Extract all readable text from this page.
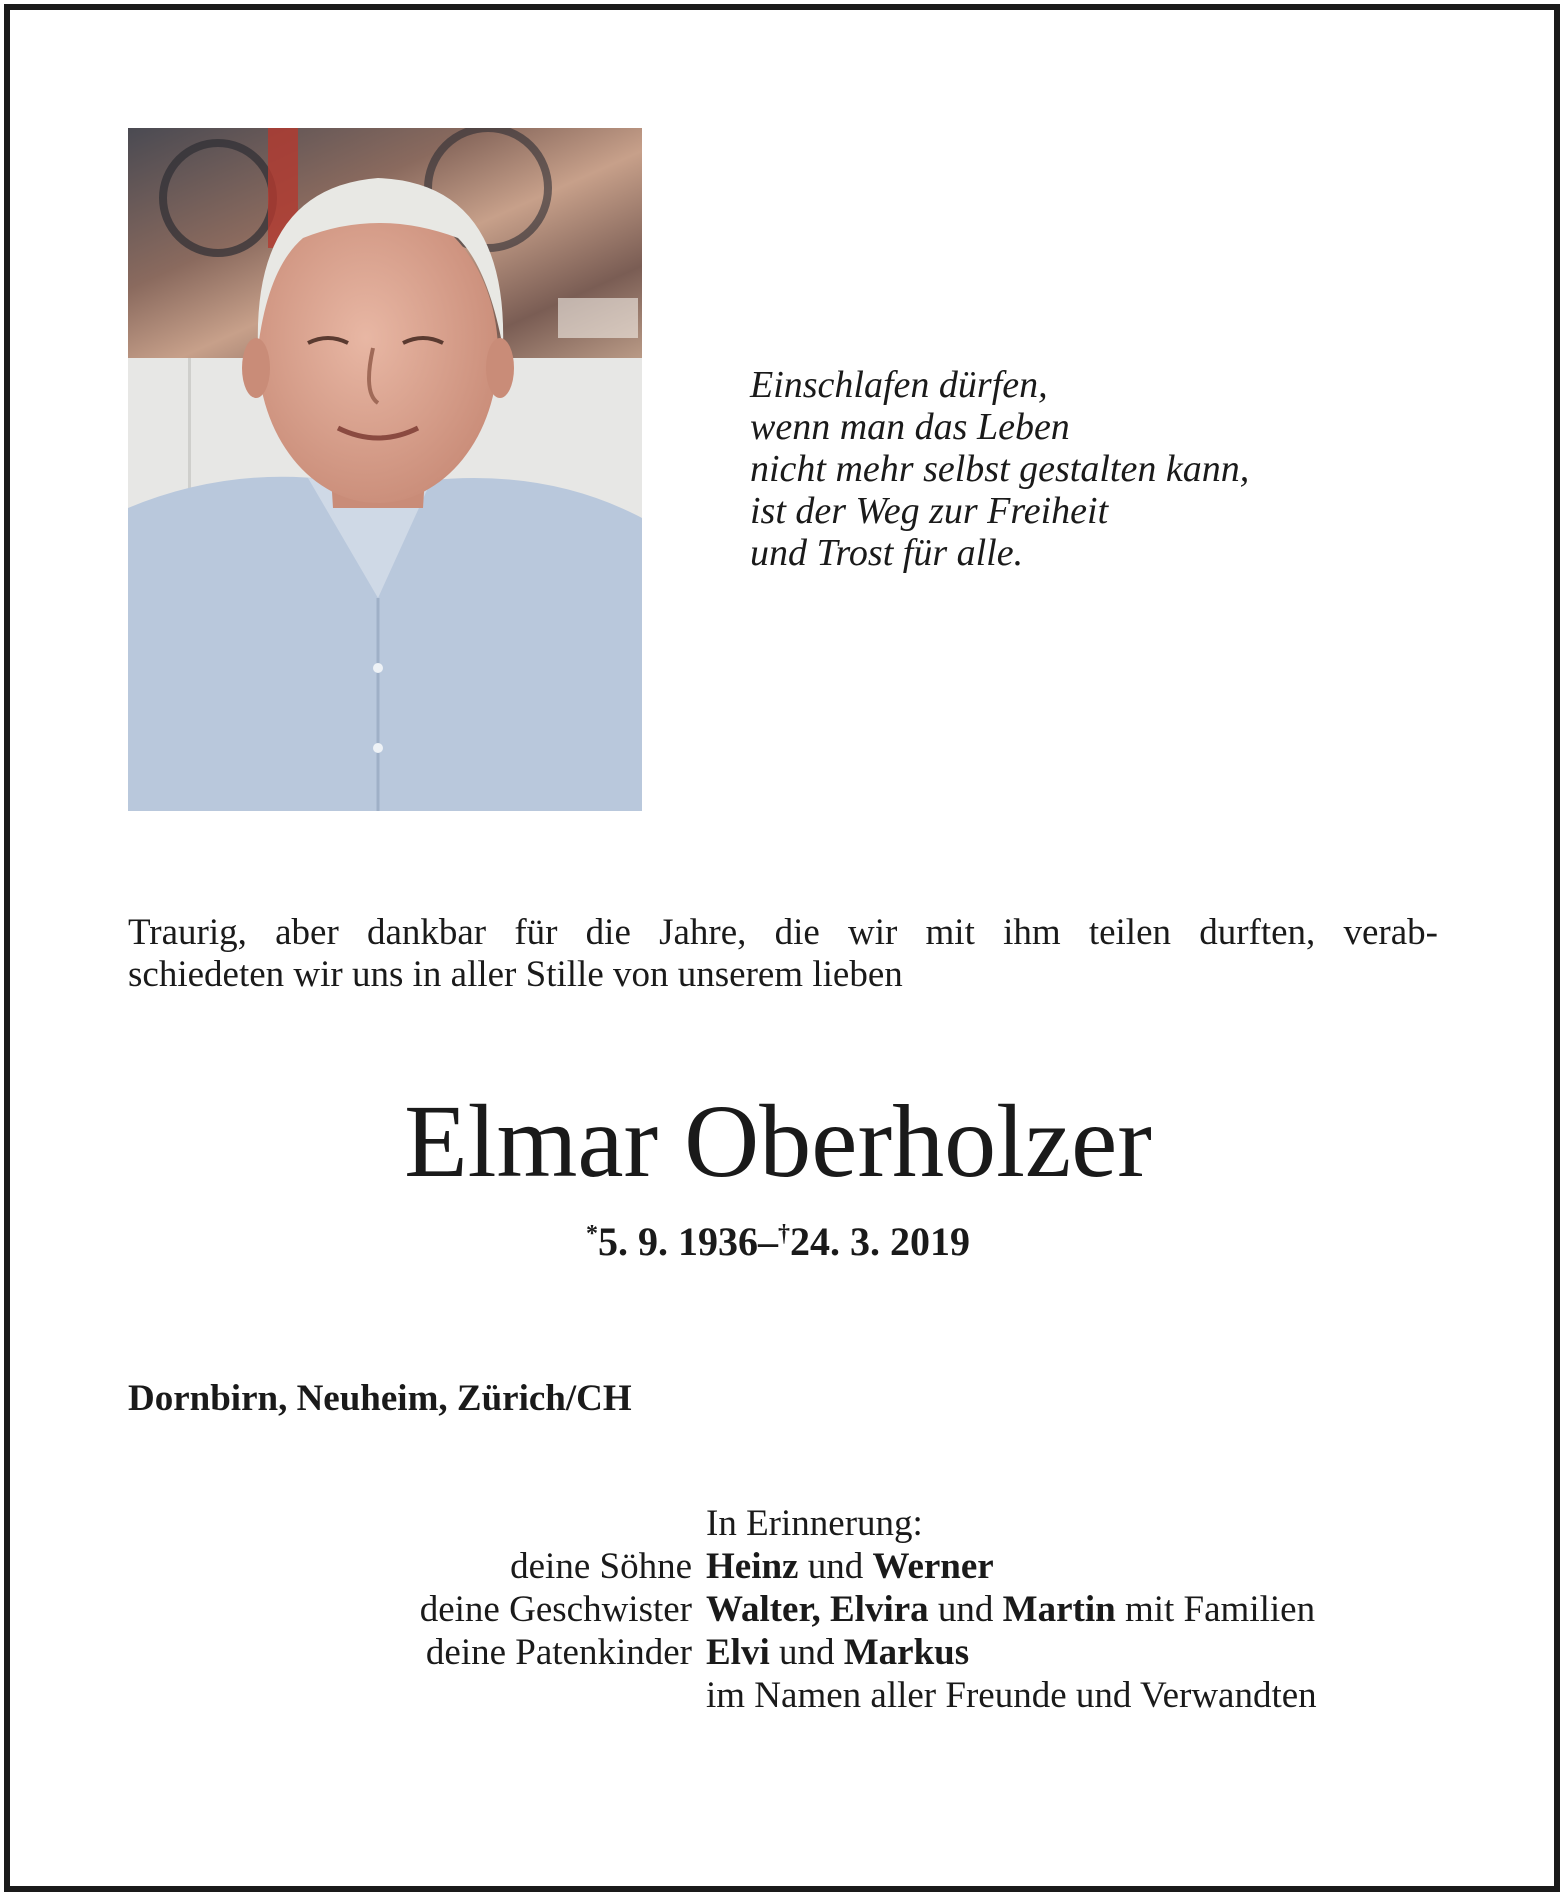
Einschlafen dürfen,
wenn man das Leben
nicht mehr selbst gestalten kann,
ist der Weg zur Freiheit
und Trost für alle.
Traurig, aber dankbar für die Jahre, die wir mit ihm teilen durften, verab-
schiedeten wir uns in aller Stille von unserem lieben
Elmar Oberholzer
*5. 9. 1936–†24. 3. 2019
Dornbirn, Neuheim, Zürich/CH
In Erinnerung:
deine Söhne Heinz und Werner
deine Geschwister Walter, Elvira und Martin mit Familien
deine Patenkinder Elvi und Markus
im Namen aller Freunde und Verwandten
